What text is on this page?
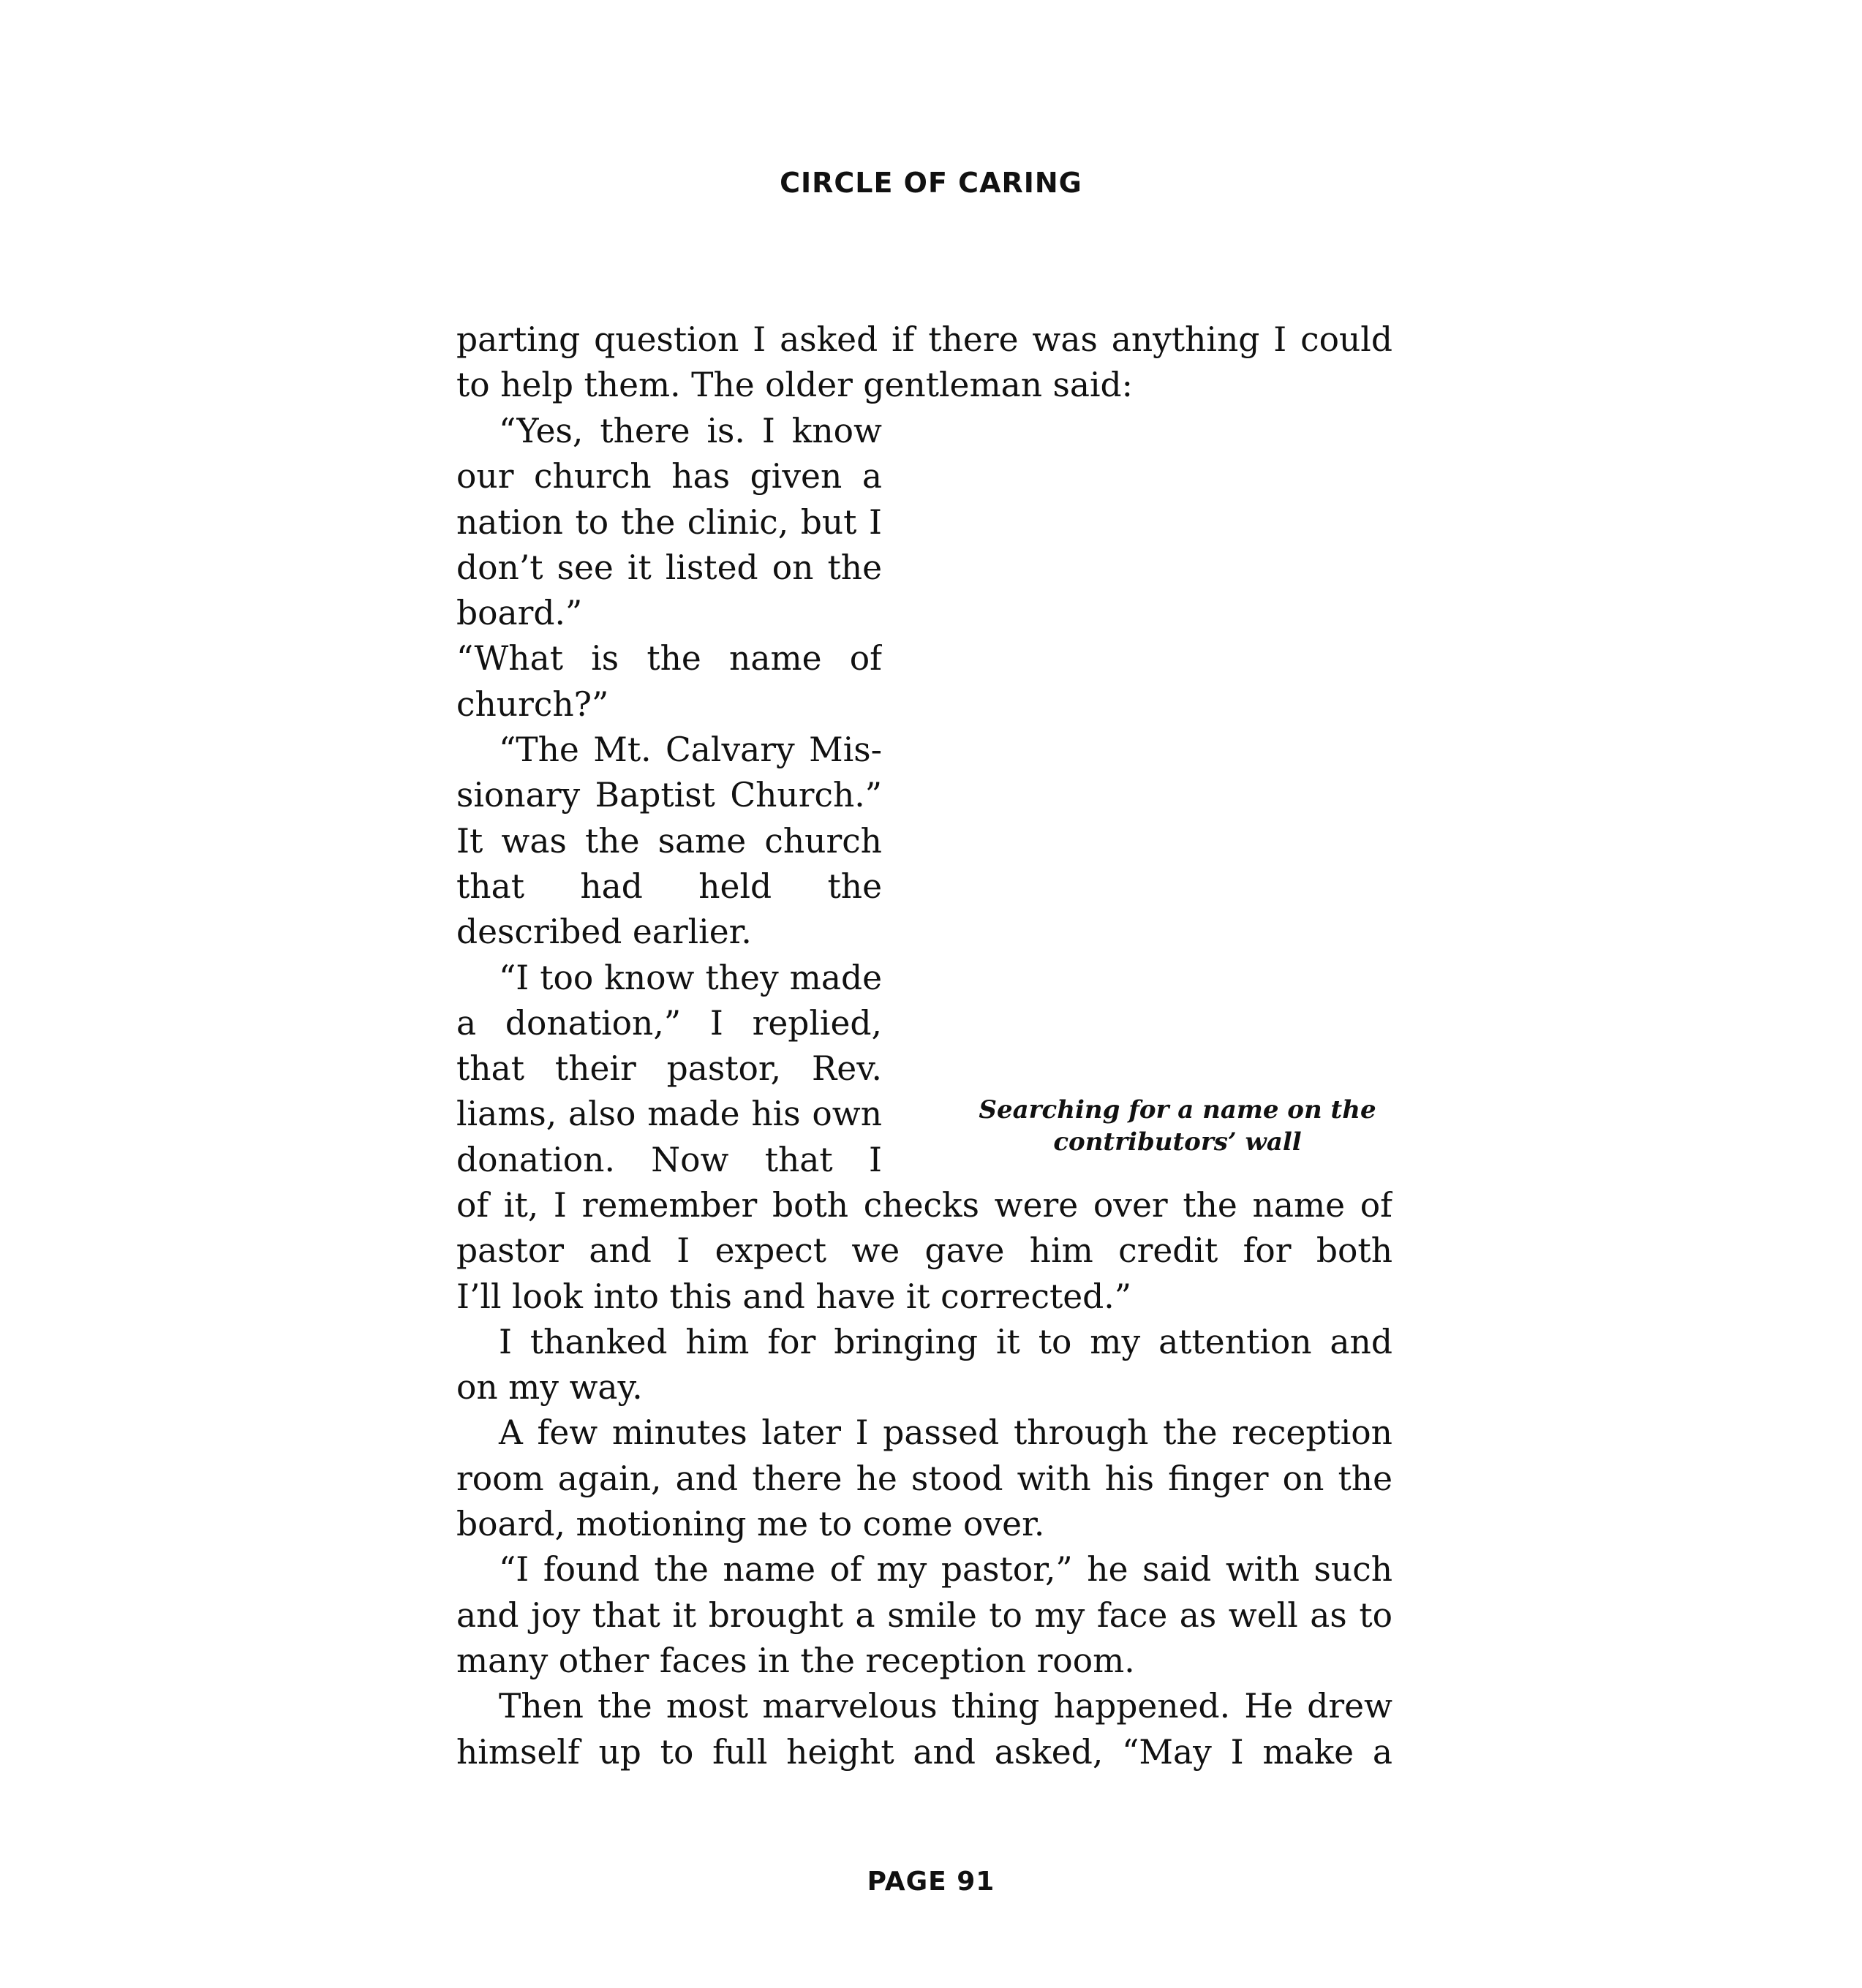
CIRCLE OF CARING
parting question I asked if there was anything I could
to help them. The older gentleman said:
“Yes, there is. I know
our church has given a
nation to the clinic, but I
don’t see it listed on the
board.”
“What is the name of
church?”
“The Mt. Calvary Mis-
sionary Baptist Church.”
It was the same church
that had held the
described earlier.
“I too know they made
a donation,” I replied,
that their pastor, Rev.
liams, also made his own
donation. Now that I
Searching for a name on the
contributors’ wall
of it, I remember both checks were over the name of
pastor and I expect we gave him credit for both
I’ll look into this and have it corrected.”
I thanked him for bringing it to my attention and
on my way.
A few minutes later I passed through the reception
room again, and there he stood with his finger on the
board, motioning me to come over.
“I found the name of my pastor,” he said with such
and joy that it brought a smile to my face as well as to
many other faces in the reception room.
Then the most marvelous thing happened. He drew
himself up to full height and asked, “May I make a
PAGE 91
